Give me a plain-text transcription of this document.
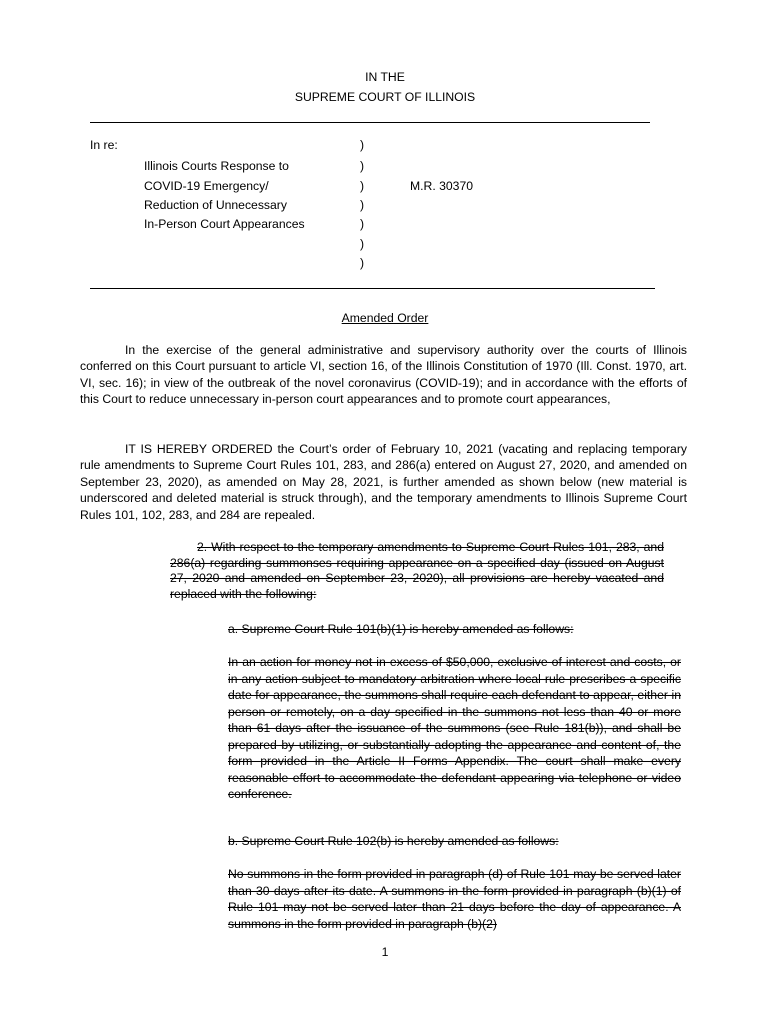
IN THE
SUPREME COURT OF ILLINOIS
In re:
Illinois Courts Response to
COVID-19 Emergency/
Reduction of Unnecessary
In-Person Court Appearances
)
)
)
)
)
)
)
M.R. 30370
Amended Order
In the exercise of the general administrative and supervisory authority over the courts of Illinois conferred on this Court pursuant to article VI, section 16, of the Illinois Constitution of 1970 (Ill. Const. 1970, art. VI, sec. 16); in view of the outbreak of the novel coronavirus (COVID-19); and in accordance with the efforts of this Court to reduce unnecessary in-person court appearances and to promote court appearances,
IT IS HEREBY ORDERED the Court’s order of February 10, 2021 (vacating and replacing temporary rule amendments to Supreme Court Rules 101, 283, and 286(a) entered on August 27, 2020, and amended on September 23, 2020), as amended on May 28, 2021, is further amended as shown below (new material is underscored and deleted material is struck through), and the temporary amendments to Illinois Supreme Court Rules 101, 102, 283, and 284 are repealed.
2. With respect to the temporary amendments to Supreme Court Rules 101, 283, and 286(a) regarding summonses requiring appearance on a specified day (issued on August 27, 2020 and amended on September 23, 2020), all provisions are hereby vacated and replaced with the following:
a. Supreme Court Rule 101(b)(1) is hereby amended as follows:
In an action for money not in excess of $50,000, exclusive of interest and costs, or in any action subject to mandatory arbitration where local rule prescribes a specific date for appearance, the summons shall require each defendant to appear, either in person or remotely, on a day specified in the summons not less than 40 or more than 61 days after the issuance of the summons (see Rule 181(b)), and shall be prepared by utilizing, or substantially adopting the appearance and content of, the form provided in the Article II Forms Appendix. The court shall make every reasonable effort to accommodate the defendant appearing via telephone or video conference.
b. Supreme Court Rule 102(b) is hereby amended as follows:
No summons in the form provided in paragraph (d) of Rule 101 may be served later than 30 days after its date. A summons in the form provided in paragraph (b)(1) of Rule 101 may not be served later than 21 days before the day of appearance. A summons in the form provided in paragraph (b)(2)
1
